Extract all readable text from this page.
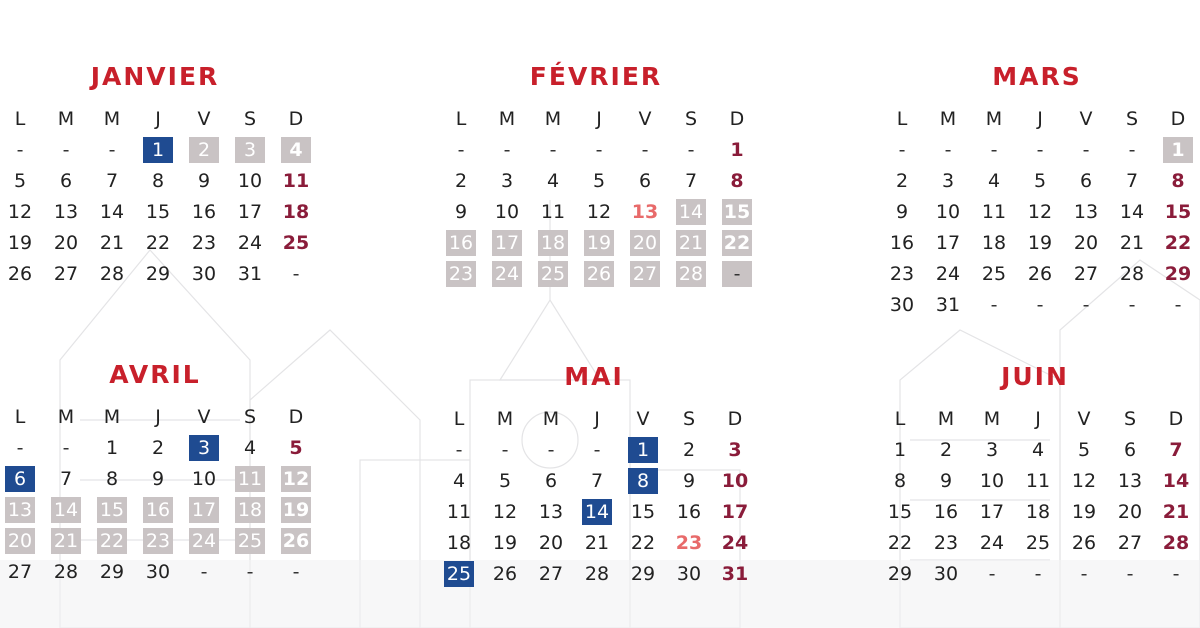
JANVIER
L	M	M	J	V	S	D
-	-	-	1	2	3	4
5	6	7	8	9	10 11
12 13 14 15 16 17 18
19 20 21 22 23 24 25
26 27 28 29 30 31	-
FÉVRIER
L	M	M	J	V	S	D
-	-	-	-	-	-	1
2	3	4	5	6	7	8
9	10 11 12 13 14 15
16 17 18 19 20 21 22
23 24 25 26 27 28	-
MARS
L	M	M	J	V	S	D
-	-	-	-	-	-	1
2	3	4	5	6	7	8
9	10 11 12 13 14 15
16 17 18 19 20 21 22
23 24 25 26 27 28 29
30 31	-	-	-	-	-
AVRIL
L	M	M	J	V	S	D
-	-	1	2	3	4	5
6	7	8	9	10 11 12
13 14 15 16 17 18 19
20 21 22 23 24 25 26
27 28 29 30	-	-	-
MAI
L	M	M	J	V	S	D
-	-	-	-	1	2	3
4	5	6	7	8	9	10
11 12 13 14 15 16 17
18 19 20 21 22 23 24
25 26 27 28 29 30 31
JUIN
L	M	M	J	V	S	D
1	2	3	4	5	6	7
8	9	10 11 12 13 14
15 16 17 18 19 20 21
22 23 24 25 26 27 28
29 30	-	-	-	-	-
